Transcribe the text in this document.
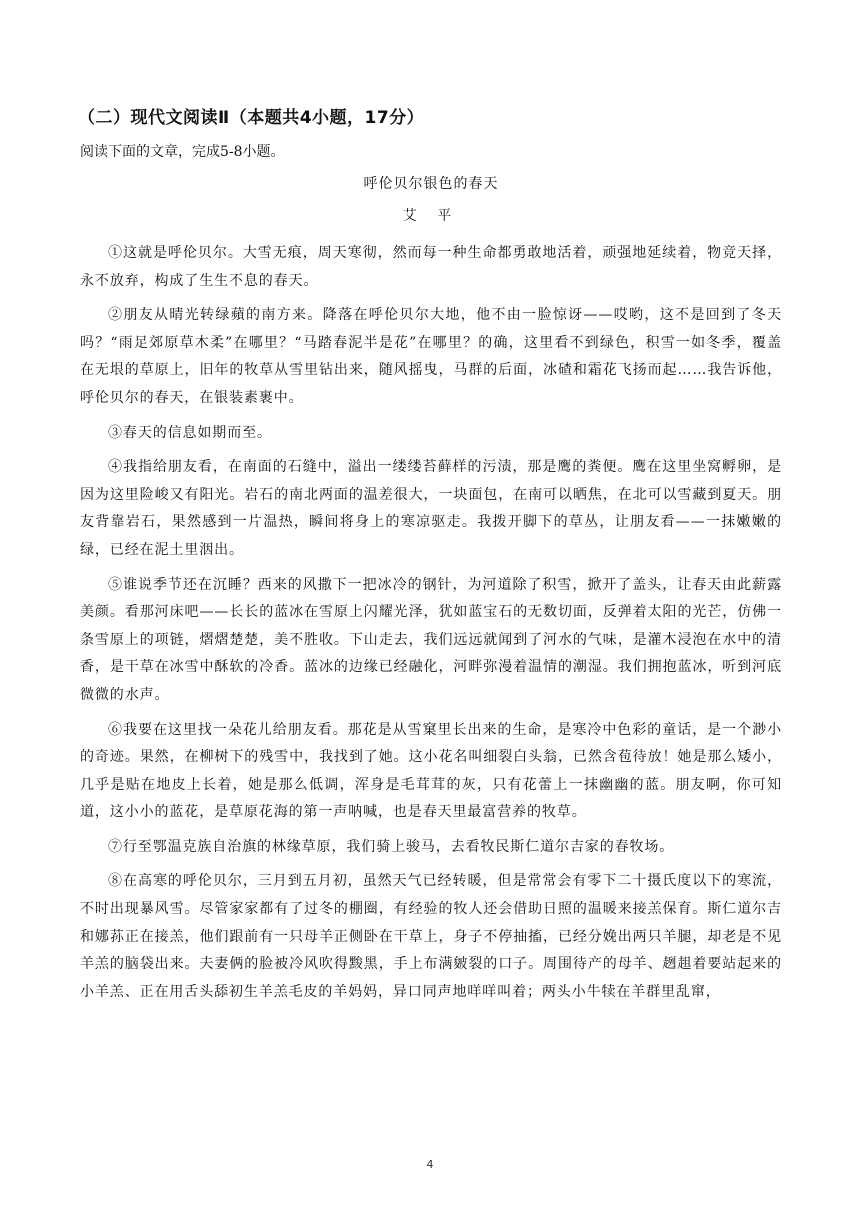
（二）现代文阅读Ⅱ（本题共4小题，17分）
阅读下面的文章，完成5-8小题。
呼伦贝尔银色的春天
艾 平

①这就是呼伦贝尔。大雪无痕，周天寒彻，然而每一种生命都勇敢地活着，顽强地延续着，物竞天择，永不放弃，构成了生生不息的春天。

②朋友从晴光转绿蘋的南方来。降落在呼伦贝尔大地，他不由一脸惊讶——哎哟，这不是回到了冬天吗？“雨足郊原草木柔”在哪里？“马踏春泥半是花”在哪里？的确，这里看不到绿色，积雪一如冬季，覆盖在无垠的草原上，旧年的牧草从雪里钻出来，随风摇曳，马群的后面，冰碴和霜花飞扬而起……我告诉他，呼伦贝尔的春天，在银装素裹中。

③春天的信息如期而至。

④我指给朋友看，在南面的石缝中，溢出一缕缕苔藓样的污渍，那是鹰的粪便。鹰在这里坐窝孵卵，是因为这里险峻又有阳光。岩石的南北两面的温差很大，一块面包，在南可以晒焦，在北可以雪藏到夏天。朋友背靠岩石，果然感到一片温热，瞬间将身上的寒凉驱走。我拨开脚下的草丛，让朋友看——一抹嫩嫩的绿，已经在泥土里洇出。

⑤谁说季节还在沉睡？西来的风撒下一把冰冷的钢针，为河道除了积雪，掀开了盖头，让春天由此薪露美颜。看那河床吧——长长的蓝冰在雪原上闪耀光泽，犹如蓝宝石的无数切面，反弹着太阳的光芒，仿佛一条雪原上的项链，熠熠楚楚，美不胜收。下山走去，我们远远就闻到了河水的气味，是灌木浸泡在水中的清香，是干草在冰雪中酥软的冷香。蓝冰的边缘已经融化，河畔弥漫着温情的潮湿。我们拥抱蓝冰，听到河底微微的水声。

⑥我要在这里找一朵花儿给朋友看。那花是从雪窠里长出来的生命，是寒冷中色彩的童话，是一个渺小的奇迹。果然，在柳树下的残雪中，我找到了她。这小花名叫细裂白头翁，已然含苞待放！她是那么矮小，几乎是贴在地皮上长着，她是那么低调，浑身是毛茸茸的灰，只有花蕾上一抹幽幽的蓝。朋友啊，你可知道，这小小的蓝花，是草原花海的第一声呐喊，也是春天里最富营养的牧草。

⑦行至鄂温克族自治旗的林缘草原，我们骑上骏马，去看牧民斯仁道尔吉家的春牧场。

⑧在高寒的呼伦贝尔，三月到五月初，虽然天气已经转暖，但是常常会有零下二十摄氏度以下的寒流，不时出现暴风雪。尽管家家都有了过冬的棚圈，有经验的牧人还会借助日照的温暖来接羔保育。斯仁道尔吉和娜荪正在接羔，他们跟前有一只母羊正侧卧在干草上，身子不停抽搐，已经分娩出两只羊腿，却老是不见羊羔的脑袋出来。夫妻俩的脸被冷风吹得黢黑，手上布满皴裂的口子。周围待产的母羊、趔趄着要站起来的小羊羔、正在用舌头舔初生羊羔毛皮的羊妈妈，异口同声地咩咩叫着；两头小牛犊在羊群里乱窜，

4
